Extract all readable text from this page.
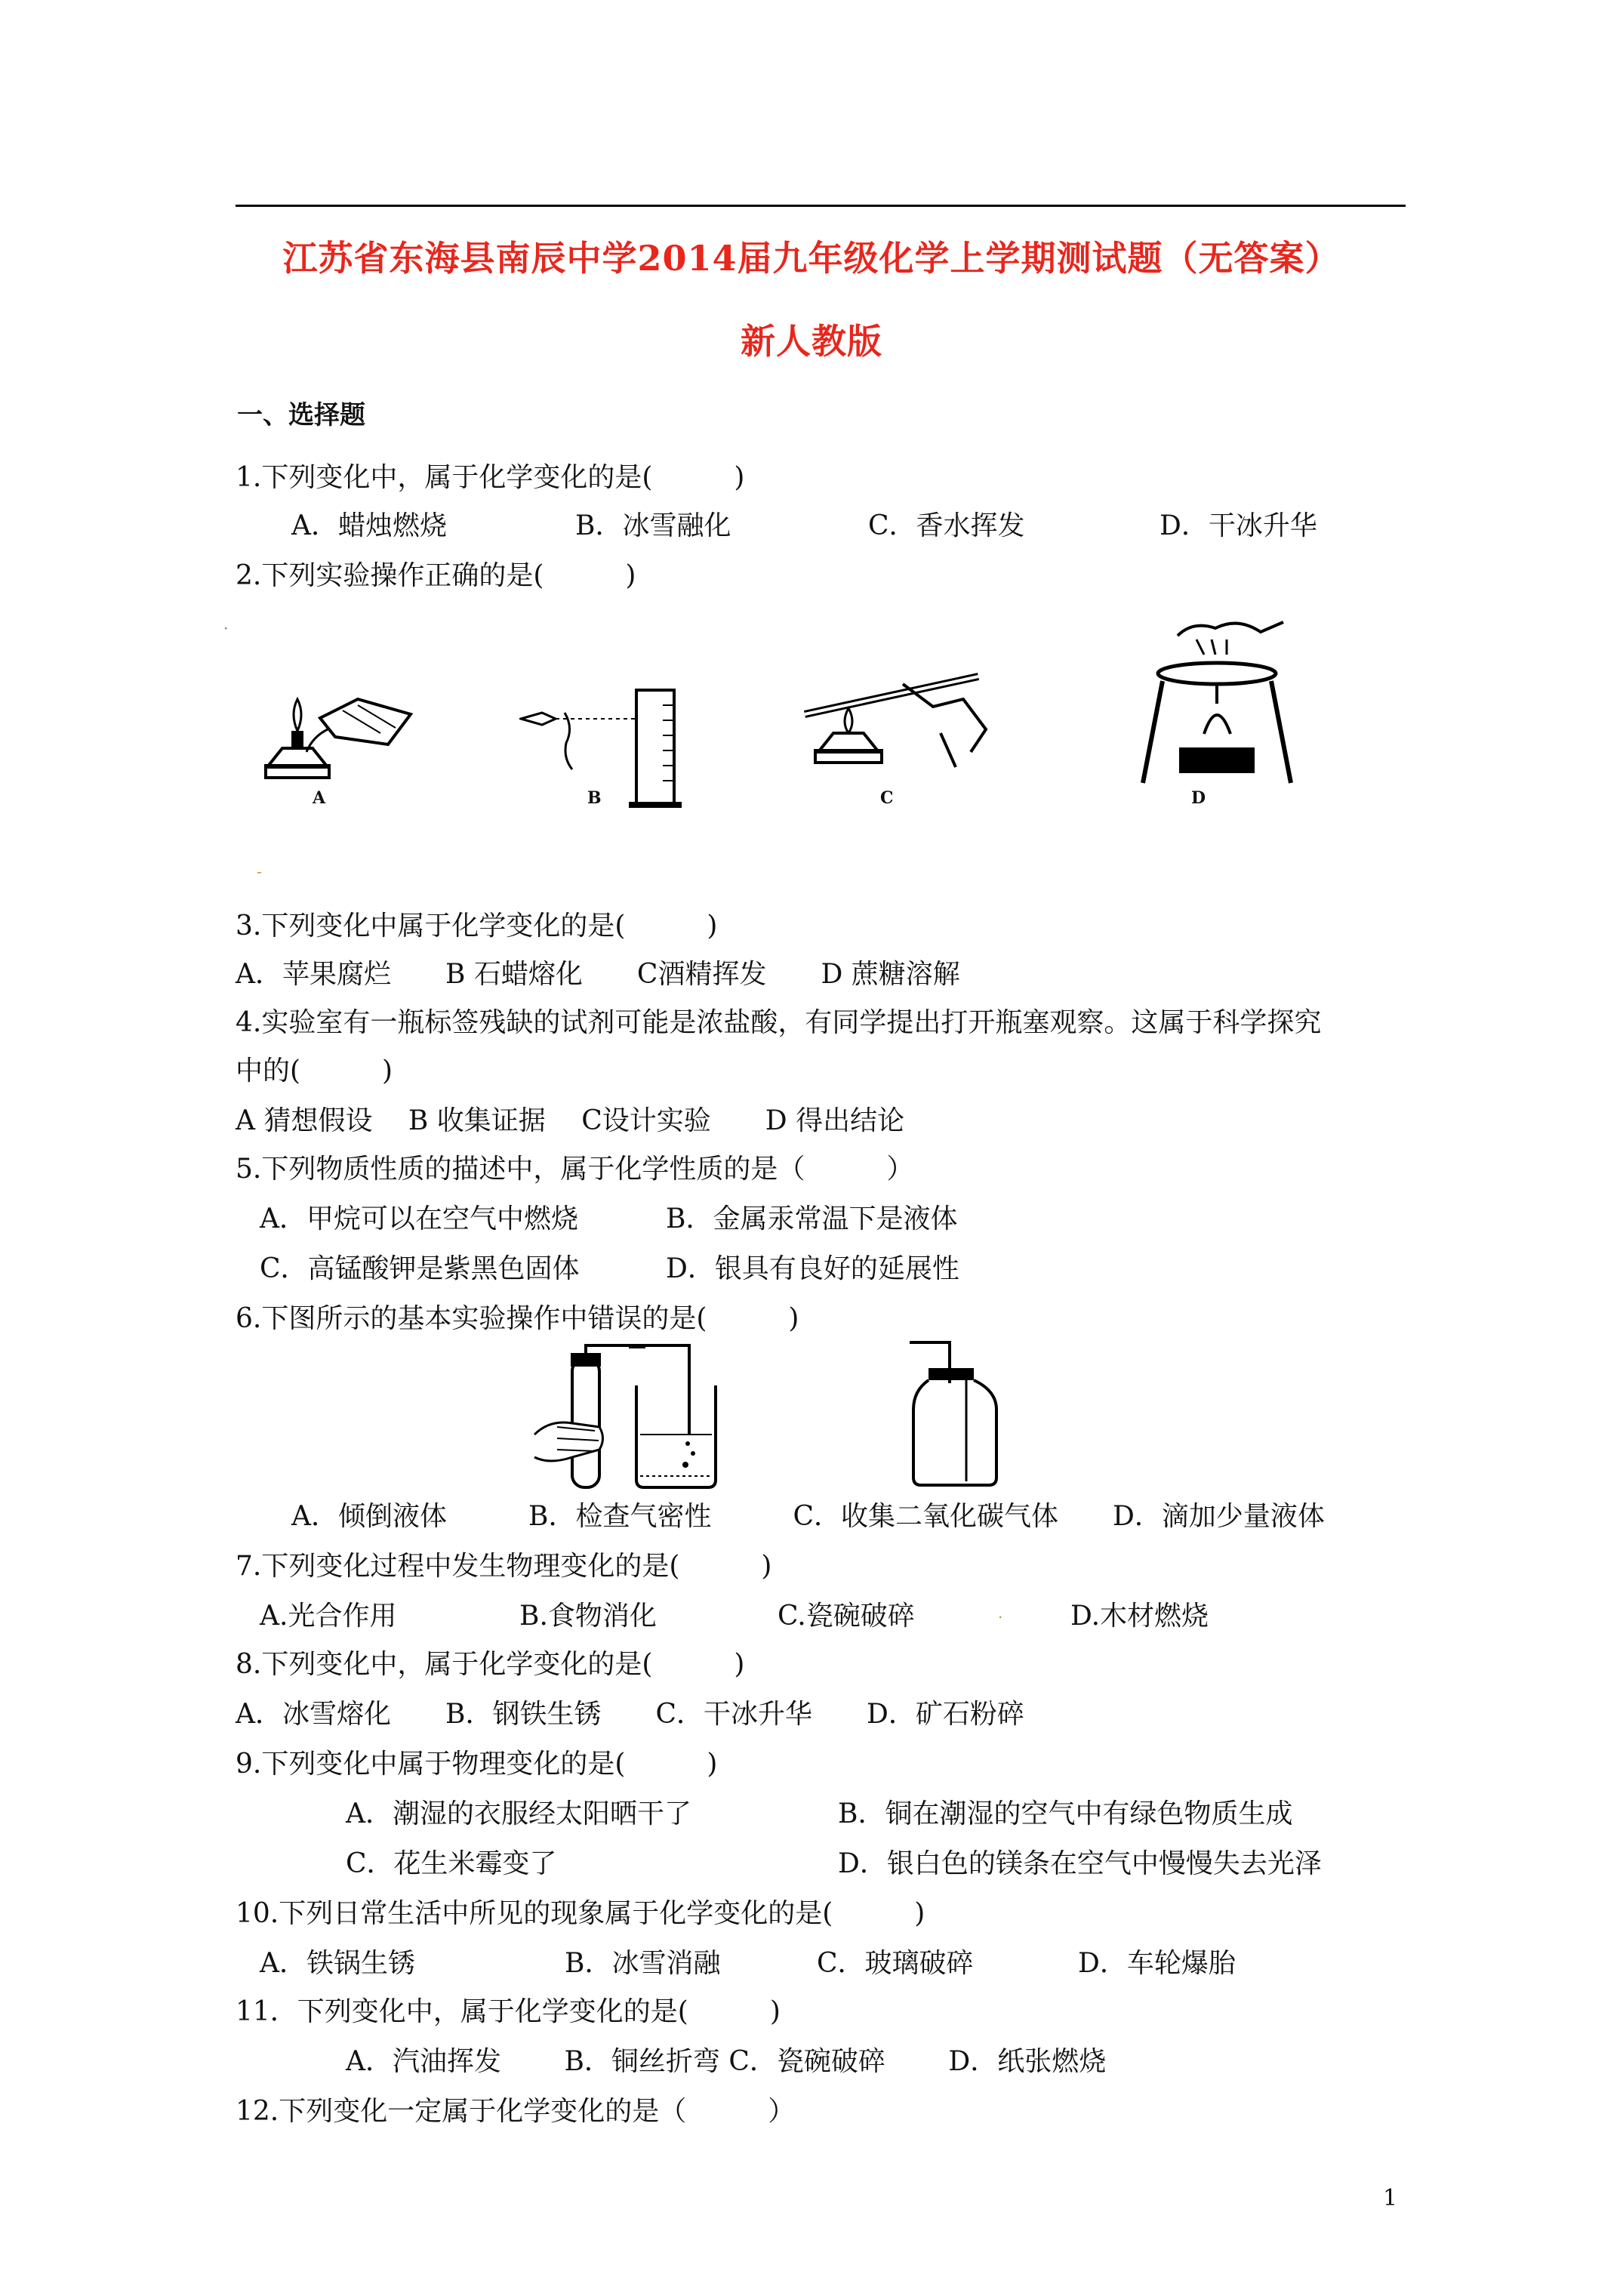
江苏省东海县南辰中学2014届九年级化学上学期测试题（无答案）
新人教版
一、选择题
1.下列变化中，属于化学变化的是(　　　)
A．蜡烛燃烧	B．冰雪融化	C．香水挥发	D．干冰升华
2.下列实验操作正确的是(　　　)
·
A	B	C	D
-
3.下列变化中属于化学变化的是(　　　)
A．苹果腐烂　　B 石蜡熔化　　C酒精挥发　　D 蔗糖溶解
4.实验室有一瓶标签残缺的试剂可能是浓盐酸，有同学提出打开瓶塞观察。这属于科学探究
中的(　　　)
A 猜想假设　 B 收集证据　 C设计实验　　D 得出结论
5.下列物质性质的描述中，属于化学性质的是（　　　）
A．甲烷可以在空气中燃烧	B．金属汞常温下是液体
C．高锰酸钾是紫黑色固体	D．银具有良好的延展性
6.下图所示的基本实验操作中错误的是(　　　)
A．倾倒液体　　　B．检查气密性　　　C．收集二氧化碳气体　　D．滴加少量液体
7.下列变化过程中发生物理变化的是(　　　)
A.光合作用	B.食物消化	C.瓷碗破碎	. D.木材燃烧
8.下列变化中，属于化学变化的是(　　　)
A．冰雪熔化　　B．钢铁生锈　　C．干冰升华　　D．矿石粉碎
9.下列变化中属于物理变化的是(　　　)
A．潮湿的衣服经太阳晒干了	B．铜在潮湿的空气中有绿色物质生成
C．花生米霉变了	D．银白色的镁条在空气中慢慢失去光泽
10.下列日常生活中所见的现象属于化学变化的是(　　　)
A．铁锅生锈	B．冰雪消融	C．玻璃破碎	D．车轮爆胎
11．下列变化中，属于化学变化的是(　　　)
A．汽油挥发　　 B．铜丝折弯 C．瓷碗破碎　　 D．纸张燃烧
12.下列变化一定属于化学变化的是（　　　）
1
